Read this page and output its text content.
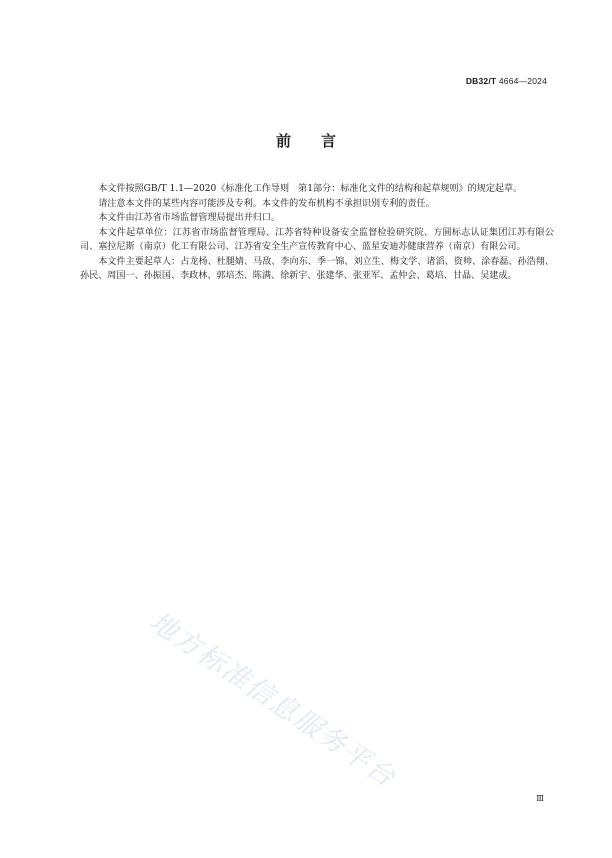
DB32/T 4664—2024
前言

本文件按照GB/T 1.1—2020《标准化工作导则　第1部分：标准化文件的结构和起草规则》的规定起草。

请注意本文件的某些内容可能涉及专利。本文件的发布机构不承担识别专利的责任。

本文件由江苏省市场监督管理局提出并归口。

本文件起草单位：江苏省市场监督管理局、江苏省特种设备安全监督检验研究院、方圆标志认证集团江苏有限公司、塞拉尼斯（南京）化工有限公司、江苏省安全生产宣传教育中心、蓝星安迪苏健康营养（南京）有限公司。

本文件主要起草人：占龙杨、杜腿婧、马敌、李向东、季一锦、刘立生、梅文学、诸滔、资帅、涂春磊、孙浩翔、孙民、周国一、孙振国、李政林、郭培杰、陈满、徐新宇、张建华、张亚军、孟仲会、葛培、甘晶、吴建成。

地方标准信息服务平台
Ⅲ
